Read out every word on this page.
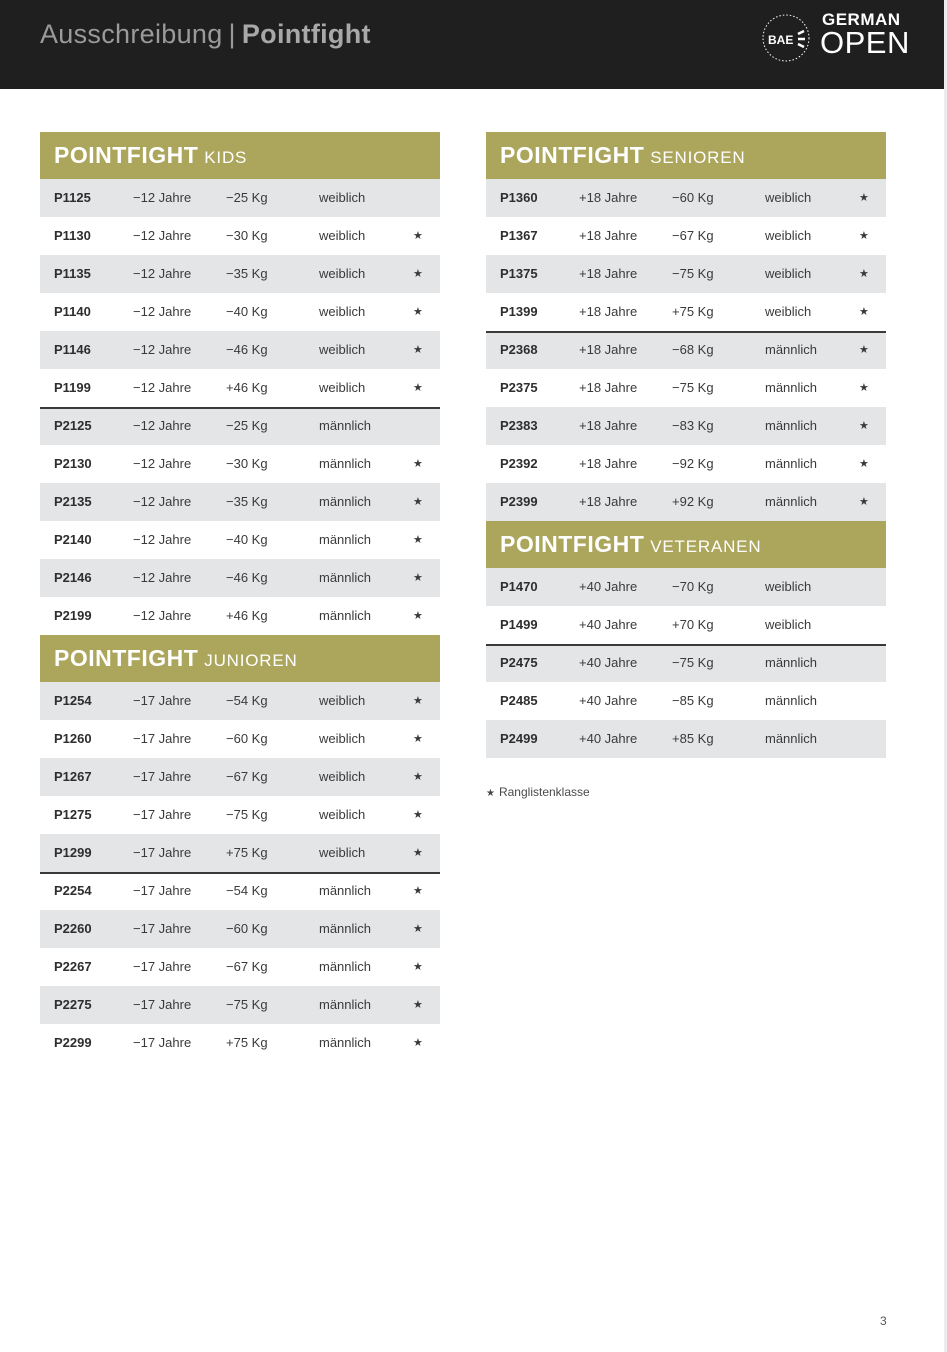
Ausschreibung | Pointfight	BAE
GERMAN
OPEN
POINTFIGHT KIDS
P1125	−12 Jahre	−25 Kg	weiblich
P1130	−12 Jahre	−30 Kg	weiblich	★
P1135	−12 Jahre	−35 Kg	weiblich	★
P1140	−12 Jahre	−40 Kg	weiblich	★
P1146	−12 Jahre	−46 Kg	weiblich	★
P1199	−12 Jahre	+46 Kg	weiblich	★
P2125	−12 Jahre	−25 Kg	männlich
P2130	−12 Jahre	−30 Kg	männlich	★
P2135	−12 Jahre	−35 Kg	männlich	★
P2140	−12 Jahre	−40 Kg	männlich	★
P2146	−12 Jahre	−46 Kg	männlich	★
P2199	−12 Jahre	+46 Kg	männlich	★
POINTFIGHT JUNIOREN
P1254	−17 Jahre	−54 Kg	weiblich	★
P1260	−17 Jahre	−60 Kg	weiblich	★
P1267	−17 Jahre	−67 Kg	weiblich	★
P1275	−17 Jahre	−75 Kg	weiblich	★
P1299	−17 Jahre	+75 Kg	weiblich	★
P2254	−17 Jahre	−54 Kg	männlich	★
P2260	−17 Jahre	−60 Kg	männlich	★
P2267	−17 Jahre	−67 Kg	männlich	★
P2275	−17 Jahre	−75 Kg	männlich	★
P2299	−17 Jahre	+75 Kg	männlich	★
POINTFIGHT SENIOREN
P1360	+18 Jahre	−60 Kg	weiblich	★
P1367	+18 Jahre	−67 Kg	weiblich	★
P1375	+18 Jahre	−75 Kg	weiblich	★
P1399	+18 Jahre	+75 Kg	weiblich	★
P2368	+18 Jahre	−68 Kg	männlich	★
P2375	+18 Jahre	−75 Kg	männlich	★
P2383	+18 Jahre	−83 Kg	männlich	★
P2392	+18 Jahre	−92 Kg	männlich	★
P2399	+18 Jahre	+92 Kg	männlich	★
POINTFIGHT VETERANEN
P1470	+40 Jahre	−70 Kg	weiblich
P1499	+40 Jahre	+70 Kg	weiblich
P2475	+40 Jahre	−75 Kg	männlich
P2485	+40 Jahre	−85 Kg	männlich
P2499	+40 Jahre	+85 Kg	männlich
★ Ranglistenklasse
3
